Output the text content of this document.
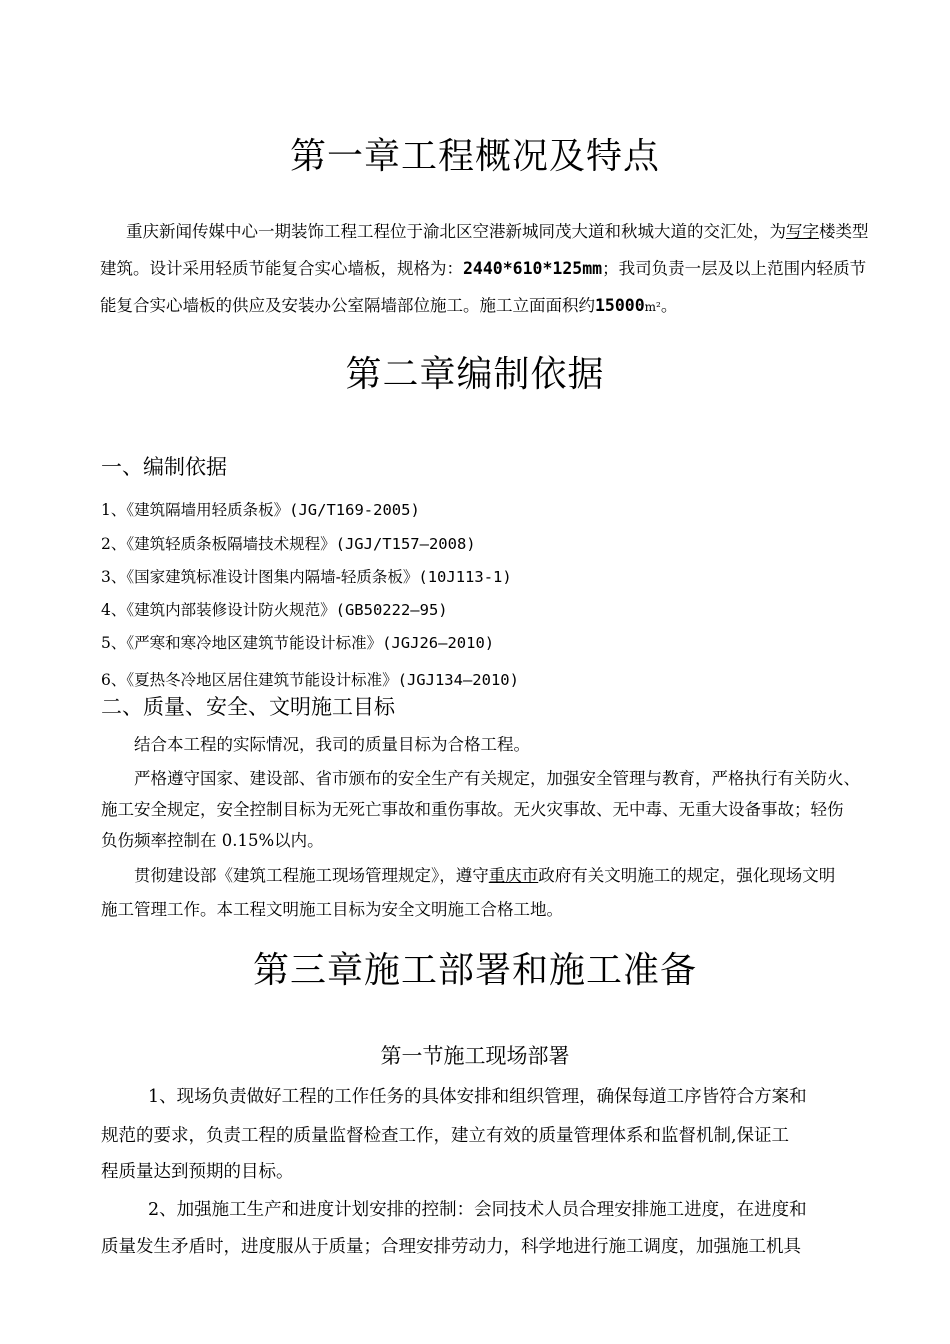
第一章工程概况及特点
重庆新闻传媒中心一期装饰工程工程位于渝北区空港新城同茂大道和秋城大道的交汇处，为写字楼类型建筑。设计采用轻质节能复合实心墙板，规格为：2440*610*125mm；我司负责一层及以上范围内轻质节能复合实心墙板的供应及安装办公室隔墙部位施工。施工立面面积约15000m²。
第二章编制依据
一、编制依据
1、《建筑隔墙用轻质条板》(JG/T169-2005)
2、《建筑轻质条板隔墙技术规程》(JGJ/T157—2008)
3、《国家建筑标准设计图集内隔墙-轻质条板》(10J113-1)
4、《建筑内部装修设计防火规范》(GB50222—95)
5、《严寒和寒冷地区建筑节能设计标准》(JGJ26—2010)
6、《夏热冬冷地区居住建筑节能设计标准》(JGJ134—2010)
二、质量、安全、文明施工目标
结合本工程的实际情况，我司的质量目标为合格工程。
严格遵守国家、建设部、省市颁布的安全生产有关规定，加强安全管理与教育，严格执行有关防火、
施工安全规定，安全控制目标为无死亡事故和重伤事故。无火灾事故、无中毒、无重大设备事故；轻伤
负伤频率控制在 0.15%以内。
贯彻建设部《建筑工程施工现场管理规定》，遵守重庆市政府有关文明施工的规定，强化现场文明
施工管理工作。本工程文明施工目标为安全文明施工合格工地。
第三章施工部署和施工准备
第一节施工现场部署
1、现场负责做好工程的工作任务的具体安排和组织管理，确保每道工序皆符合方案和
规范的要求，负责工程的质量监督检查工作，建立有效的质量管理体系和监督机制,保证工
程质量达到预期的目标。
2、加强施工生产和进度计划安排的控制：会同技术人员合理安排施工进度，在进度和
质量发生矛盾时，进度服从于质量；合理安排劳动力，科学地进行施工调度，加强施工机具
